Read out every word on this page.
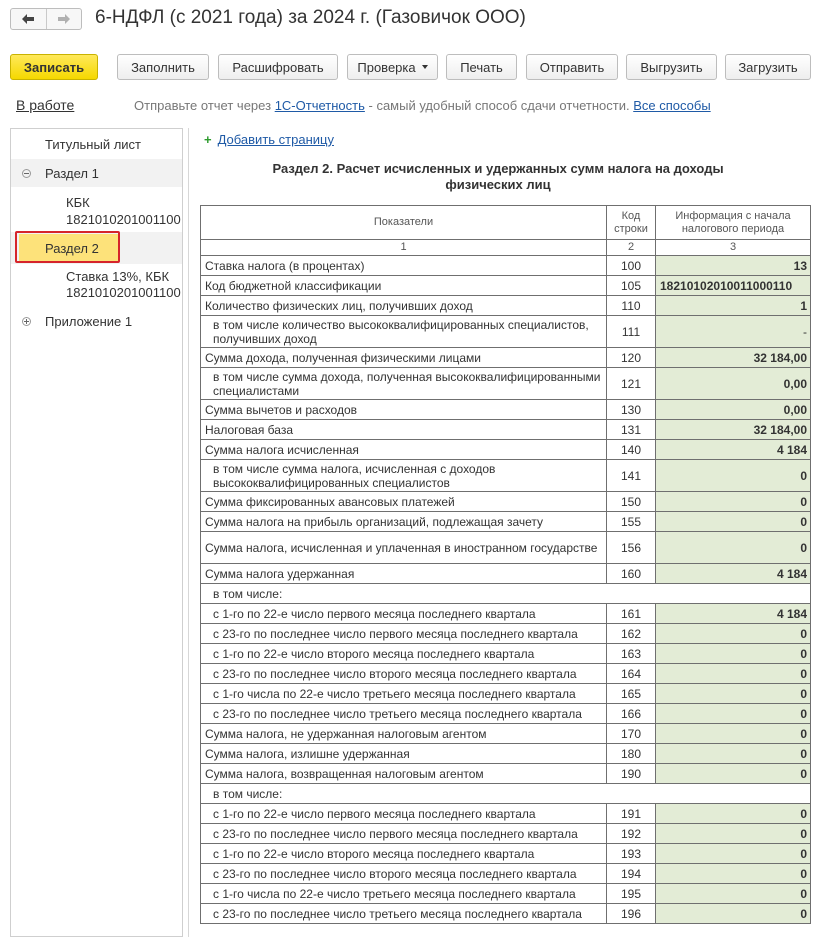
6-НДФЛ (с 2021 года) за 2024 г. (Газовичок ООО)
Записать	Заполнить	Расшифровать	Проверка	Печать	Отправить	Выгрузить	Загрузить
В работе	Отправьте отчет через 1С-Отчетность - самый удобный способ сдачи отчетности. Все способы
Титульный лист
Раздел 1
КБК
1821010201001100
Раздел 2
Ставка 13%, КБК
1821010201001100
Приложение 1
+ Добавить страницу
Раздел 2. Расчет исчисленных и удержанных сумм налога на доходы физических лиц
Показатели	Код строки	Информация с начала налогового периода
1	2	3
Ставка налога (в процентах)	100	13
Код бюджетной классификации	105	18210102010011000110
Количество физических лиц, получивших доход	110	1
в том числе количество высококвалифицированных специалистов, получивших доход	111	-
Сумма дохода, полученная физическими лицами	120	32 184,00
в том числе сумма дохода, полученная высококвалифицированными специалистами	121	0,00
Сумма вычетов и расходов	130	0,00
Налоговая база	131	32 184,00
Сумма налога исчисленная	140	4 184
в том числе сумма налога, исчисленная с доходов высококвалифицированных специалистов	141	0
Сумма фиксированных авансовых платежей	150	0
Сумма налога на прибыль организаций, подлежащая зачету	155	0
Сумма налога, исчисленная и уплаченная в иностранном государстве	156	0
Сумма налога удержанная	160	4 184
в том числе:		
с 1-го по 22-е число первого месяца последнего квартала	161	4 184
с 23-го по последнее число первого месяца последнего квартала	162	0
с 1-го по 22-е число второго месяца последнего квартала	163	0
с 23-го по последнее число второго месяца последнего квартала	164	0
с 1-го числа по 22-е число третьего месяца последнего квартала	165	0
с 23-го по последнее число третьего месяца последнего квартала	166	0
Сумма налога, не удержанная налоговым агентом	170	0
Сумма налога, излишне удержанная	180	0
Сумма налога, возвращенная налоговым агентом	190	0
в том числе:		
с 1-го по 22-е число первого месяца последнего квартала	191	0
с 23-го по последнее число первого месяца последнего квартала	192	0
с 1-го по 22-е число второго месяца последнего квартала	193	0
с 23-го по последнее число второго месяца последнего квартала	194	0
с 1-го числа по 22-е число третьего месяца последнего квартала	195	0
с 23-го по последнее число третьего месяца последнего квартала	196	0
